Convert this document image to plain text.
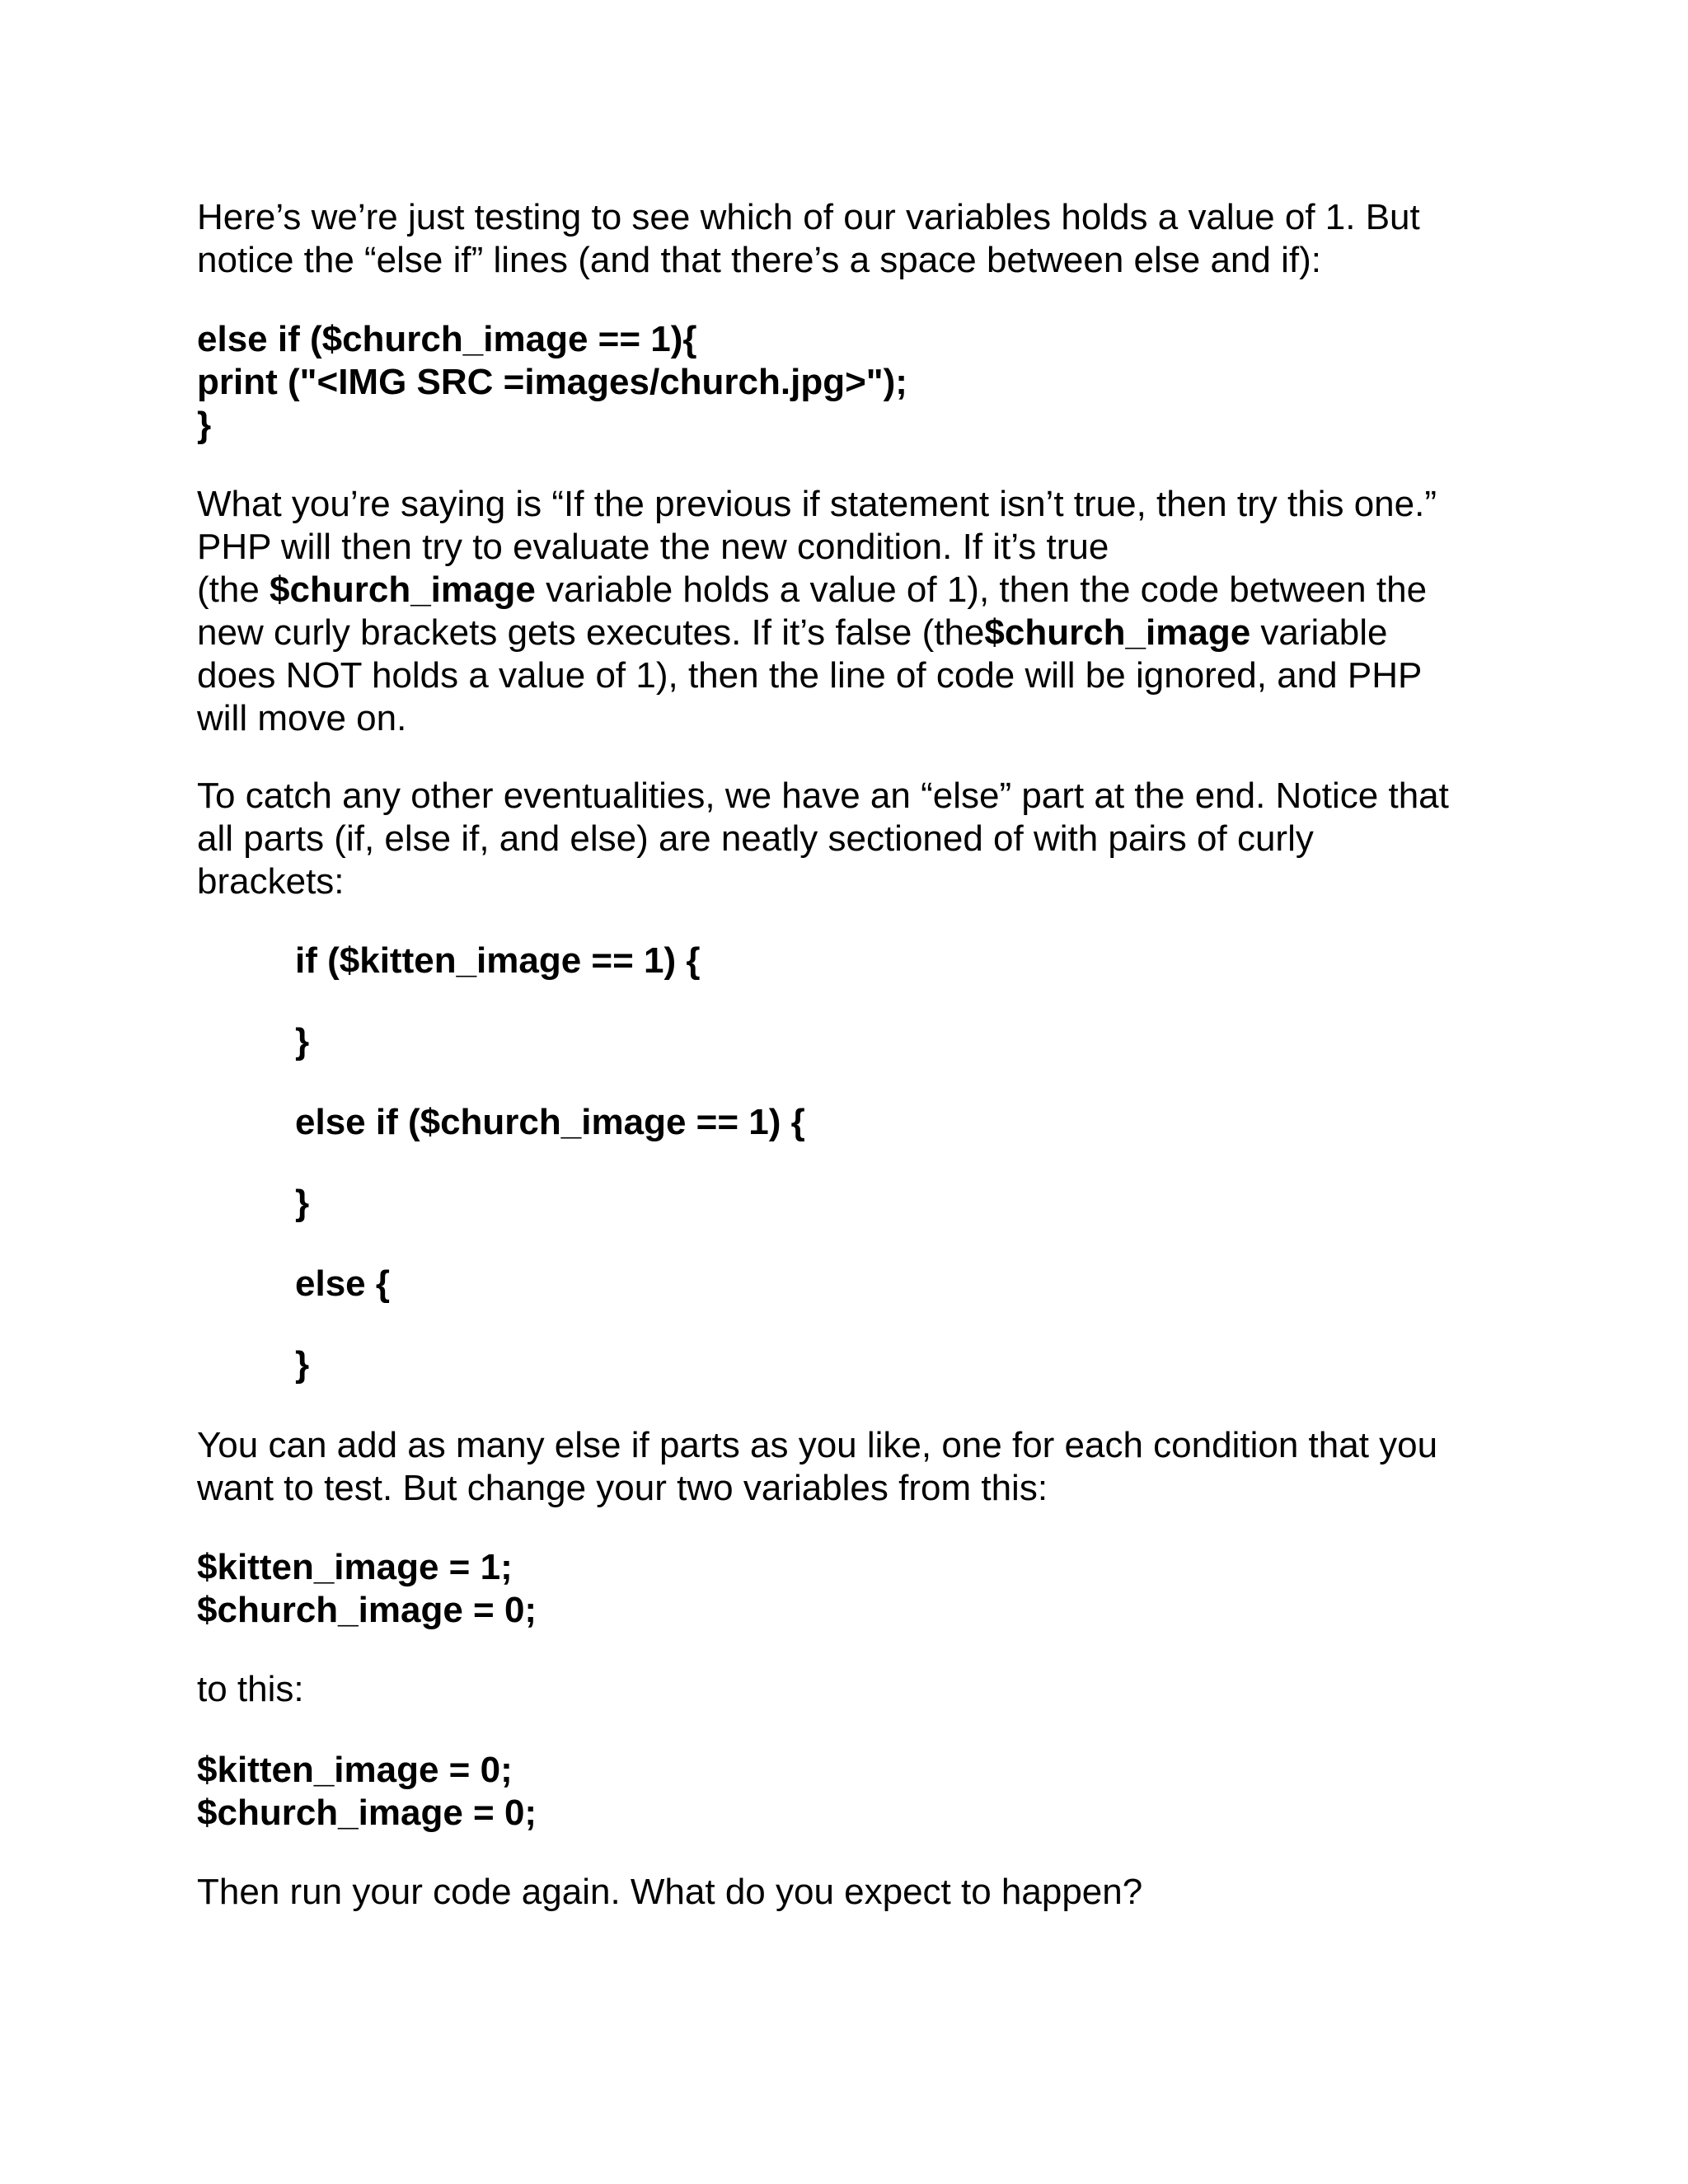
Here’s we’re just testing to see which of our variables holds a value of 1. But
notice the “else if” lines (and that there’s a space between else and if):
else if ($church_image == 1){
print ("<IMG SRC =images/church.jpg>");
}
What you’re saying is “If the previous if statement isn’t true, then try this one.”
PHP will then try to evaluate the new condition. If it’s true
(the $church_image variable holds a value of 1), then the code between the
new curly brackets gets executes. If it’s false (the$church_image variable
does NOT holds a value of 1), then the line of code will be ignored, and PHP
will move on.
To catch any other eventualities, we have an “else” part at the end. Notice that
all parts (if, else if, and else) are neatly sectioned of with pairs of curly
brackets:
if ($kitten_image == 1) {
}
else if ($church_image == 1) {
}
else {
}
You can add as many else if parts as you like, one for each condition that you
want to test. But change your two variables from this:
$kitten_image = 1;
$church_image = 0;
to this:
$kitten_image = 0;
$church_image = 0;
Then run your code again. What do you expect to happen?
